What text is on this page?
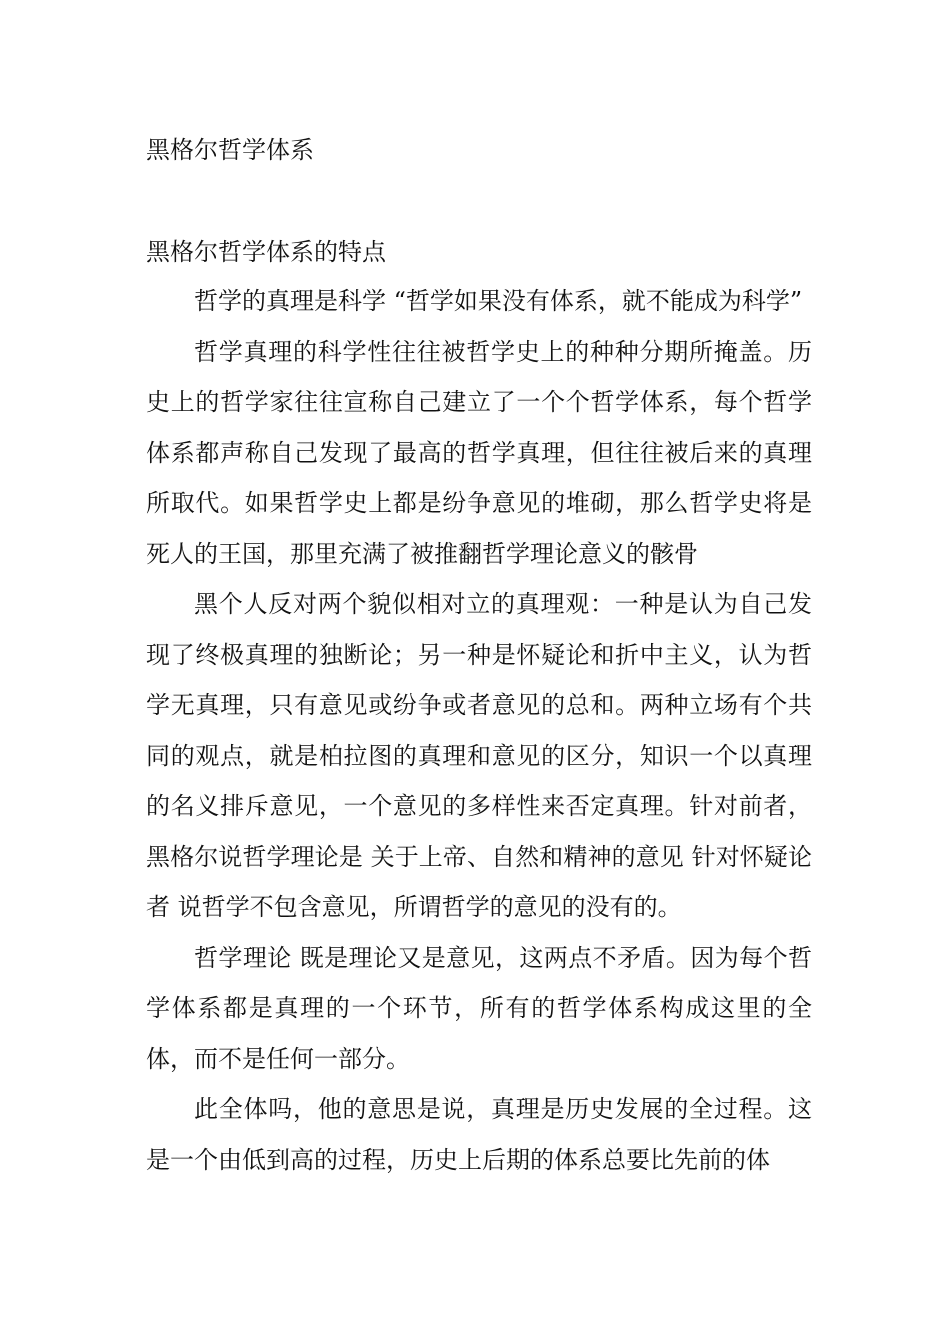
黑格尔哲学体系
黑格尔哲学体系的特点

哲学的真理是科学 “哲学如果没有体系，就不能成为科学”

哲学真理的科学性往往被哲学史上的种种分期所掩盖。历史上的哲学家往往宣称自己建立了一个个哲学体系，每个哲学体系都声称自己发现了最高的哲学真理，但往往被后来的真理所取代。如果哲学史上都是纷争意见的堆砌，那么哲学史将是死人的王国，那里充满了被推翻哲学理论意义的骸骨

黑个人反对两个貌似相对立的真理观：一种是认为自己发现了终极真理的独断论；另一种是怀疑论和折中主义，认为哲学无真理，只有意见或纷争或者意见的总和。两种立场有个共同的观点，就是柏拉图的真理和意见的区分，知识一个以真理的名义排斥意见，一个意见的多样性来否定真理。针对前者，黑格尔说哲学理论是 关于上帝、自然和精神的意见 针对怀疑论者 说哲学不包含意见，所谓哲学的意见的没有的。

哲学理论 既是理论又是意见，这两点不矛盾。因为每个哲学体系都是真理的一个环节，所有的哲学体系构成这里的全体，而不是任何一部分。

此全体吗，他的意思是说，真理是历史发展的全过程。这是一个由低到高的过程，历史上后期的体系总要比先前的体
